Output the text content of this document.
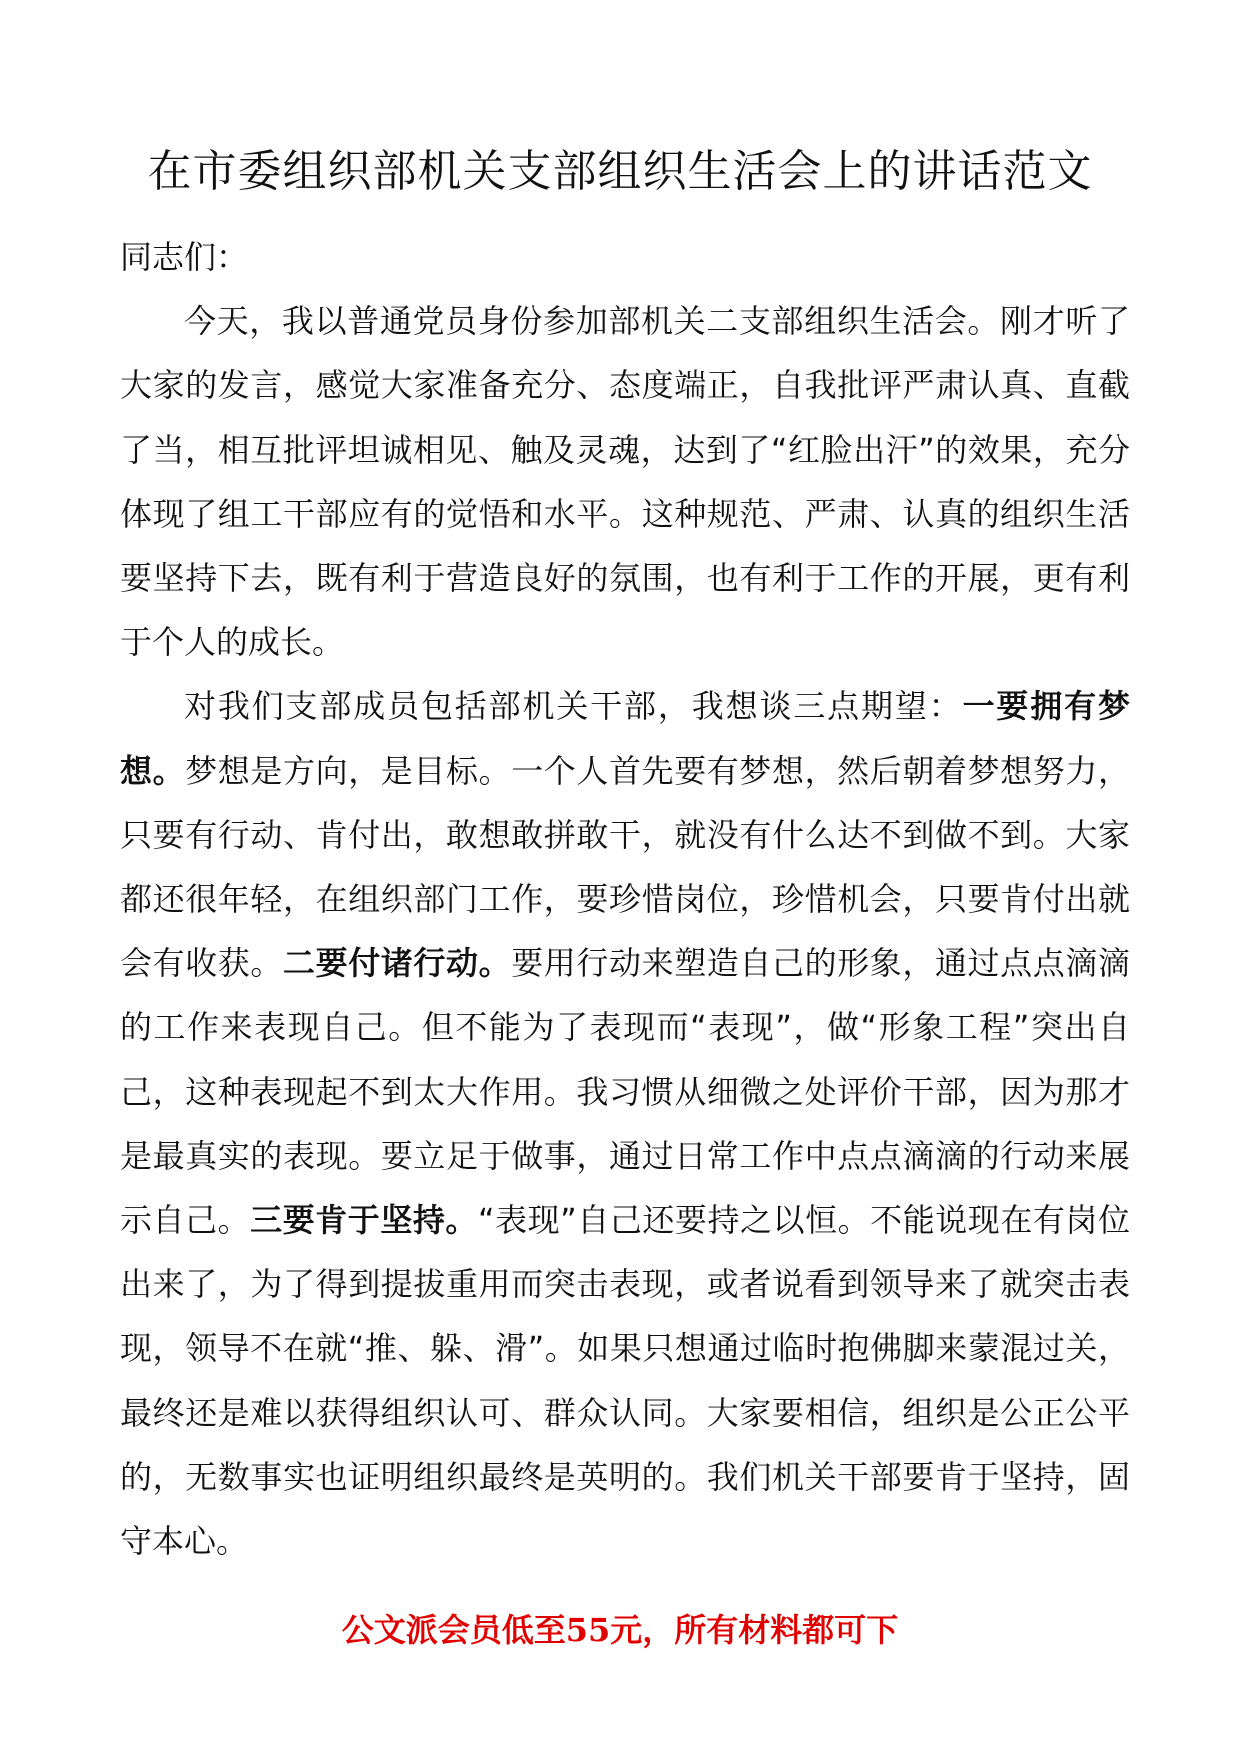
在市委组织部机关支部组织生活会上的讲话范文

同志们：

今天，我以普通党员身份参加部机关二支部组织生活会。刚才听了大家的发言，感觉大家准备充分、态度端正，自我批评严肃认真、直截了当，相互批评坦诚相见、触及灵魂，达到了“红脸出汗”的效果，充分体现了组工干部应有的觉悟和水平。这种规范、严肃、认真的组织生活要坚持下去，既有利于营造良好的氛围，也有利于工作的开展，更有利于个人的成长。

对我们支部成员包括部机关干部，我想谈三点期望：一要拥有梦想。梦想是方向，是目标。一个人首先要有梦想，然后朝着梦想努力，只要有行动、肯付出，敢想敢拼敢干，就没有什么达不到做不到。大家都还很年轻，在组织部门工作，要珍惜岗位，珍惜机会，只要肯付出就会有收获。二要付诸行动。要用行动来塑造自己的形象，通过点点滴滴的工作来表现自己。但不能为了表现而“表现”，做“形象工程”突出自己，这种表现起不到太大作用。我习惯从细微之处评价干部，因为那才是最真实的表现。要立足于做事，通过日常工作中点点滴滴的行动来展示自己。三要肯于坚持。“表现”自己还要持之以恒。不能说现在有岗位出来了，为了得到提拔重用而突击表现，或者说看到领导来了就突击表现，领导不在就“推、躲、滑”。如果只想通过临时抱佛脚来蒙混过关，最终还是难以获得组织认可、群众认同。大家要相信，组织是公正公平的，无数事实也证明组织最终是英明的。我们机关干部要肯于坚持，固守本心。

公文派会员低至55元，所有材料都可下
